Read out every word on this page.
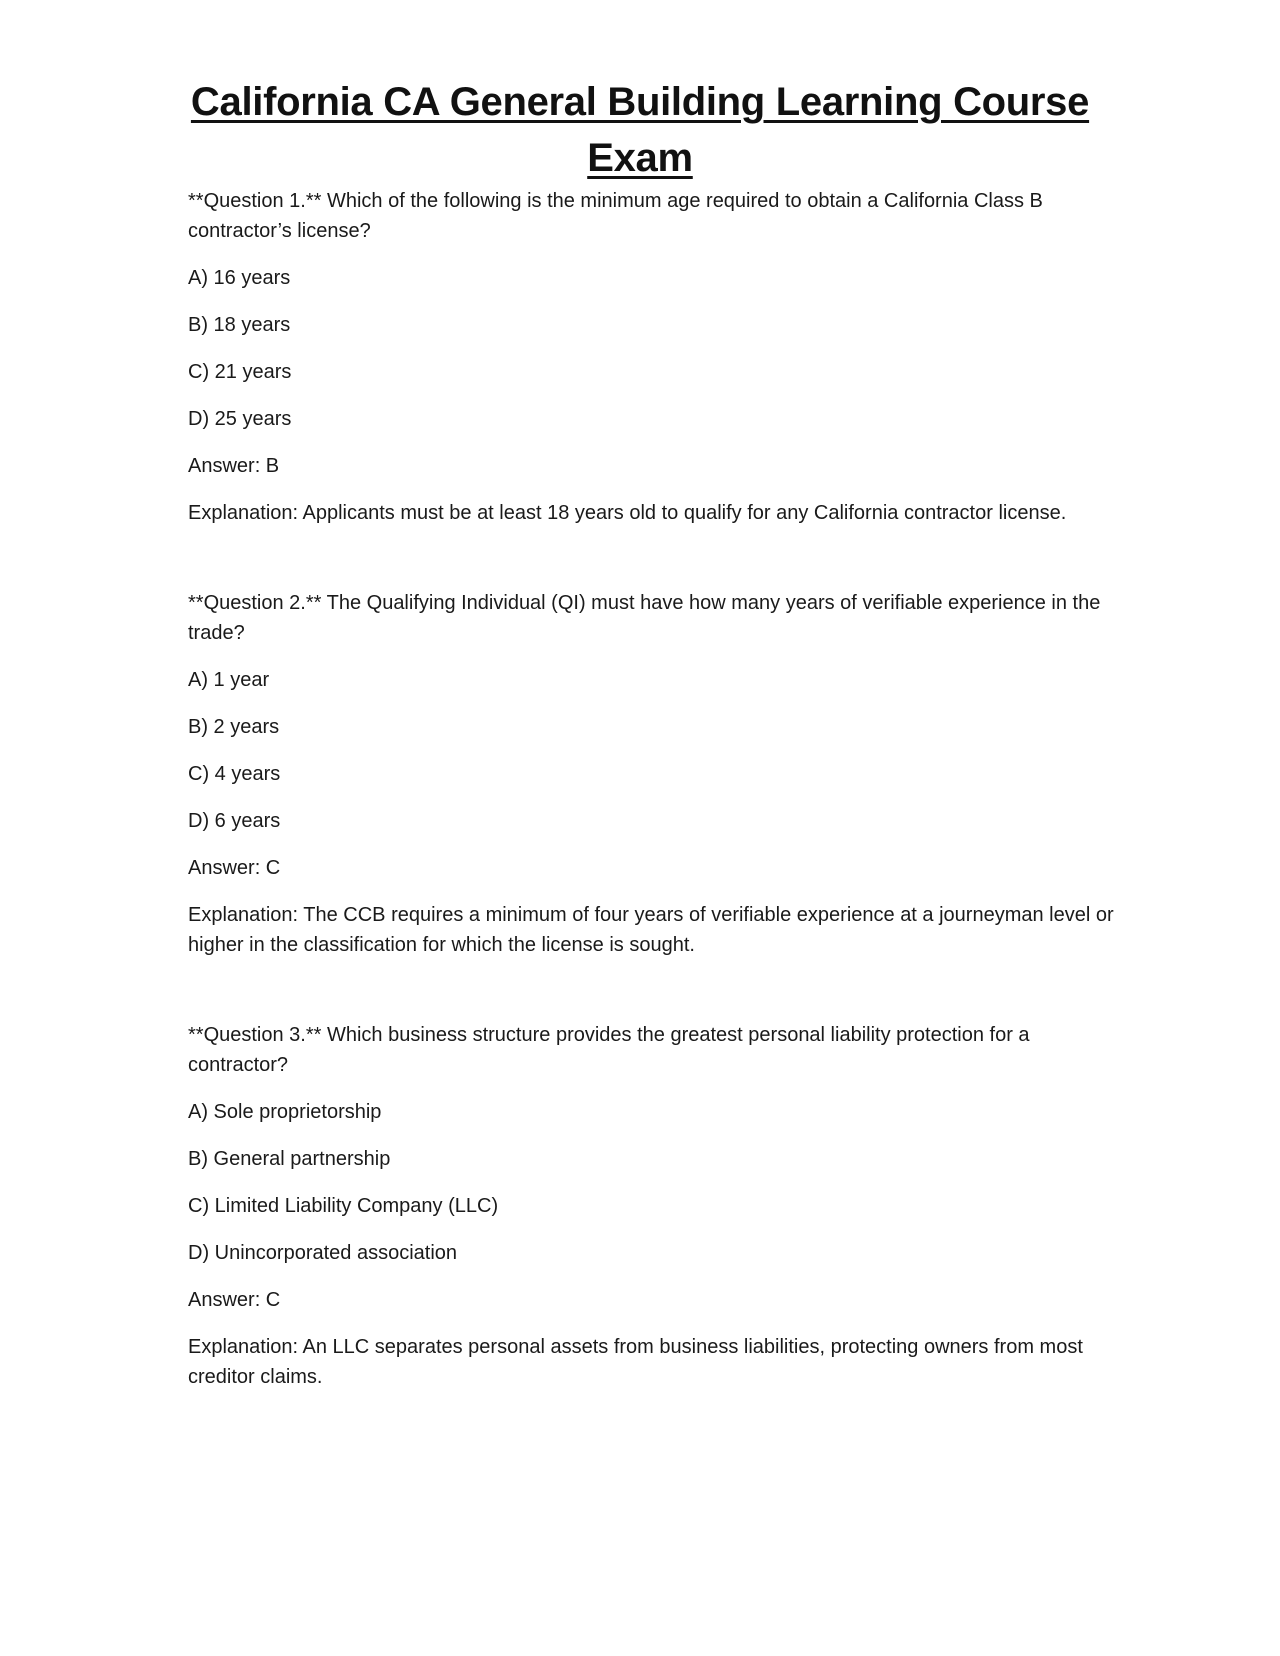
California CA General Building Learning Course Exam

**Question 1.** Which of the following is the minimum age required to obtain a California Class B contractor’s license?

A) 16 years

B) 18 years

C) 21 years

D) 25 years

Answer: B

Explanation: Applicants must be at least 18 years old to qualify for any California contractor license.

**Question 2.** The Qualifying Individual (QI) must have how many years of verifiable experience in the trade?

A) 1 year

B) 2 years

C) 4 years

D) 6 years

Answer: C

Explanation: The CCB requires a minimum of four years of verifiable experience at a journeyman level or higher in the classification for which the license is sought.

**Question 3.** Which business structure provides the greatest personal liability protection for a contractor?

A) Sole proprietorship

B) General partnership

C) Limited Liability Company (LLC)

D) Unincorporated association

Answer: C

Explanation: An LLC separates personal assets from business liabilities, protecting owners from most creditor claims.
